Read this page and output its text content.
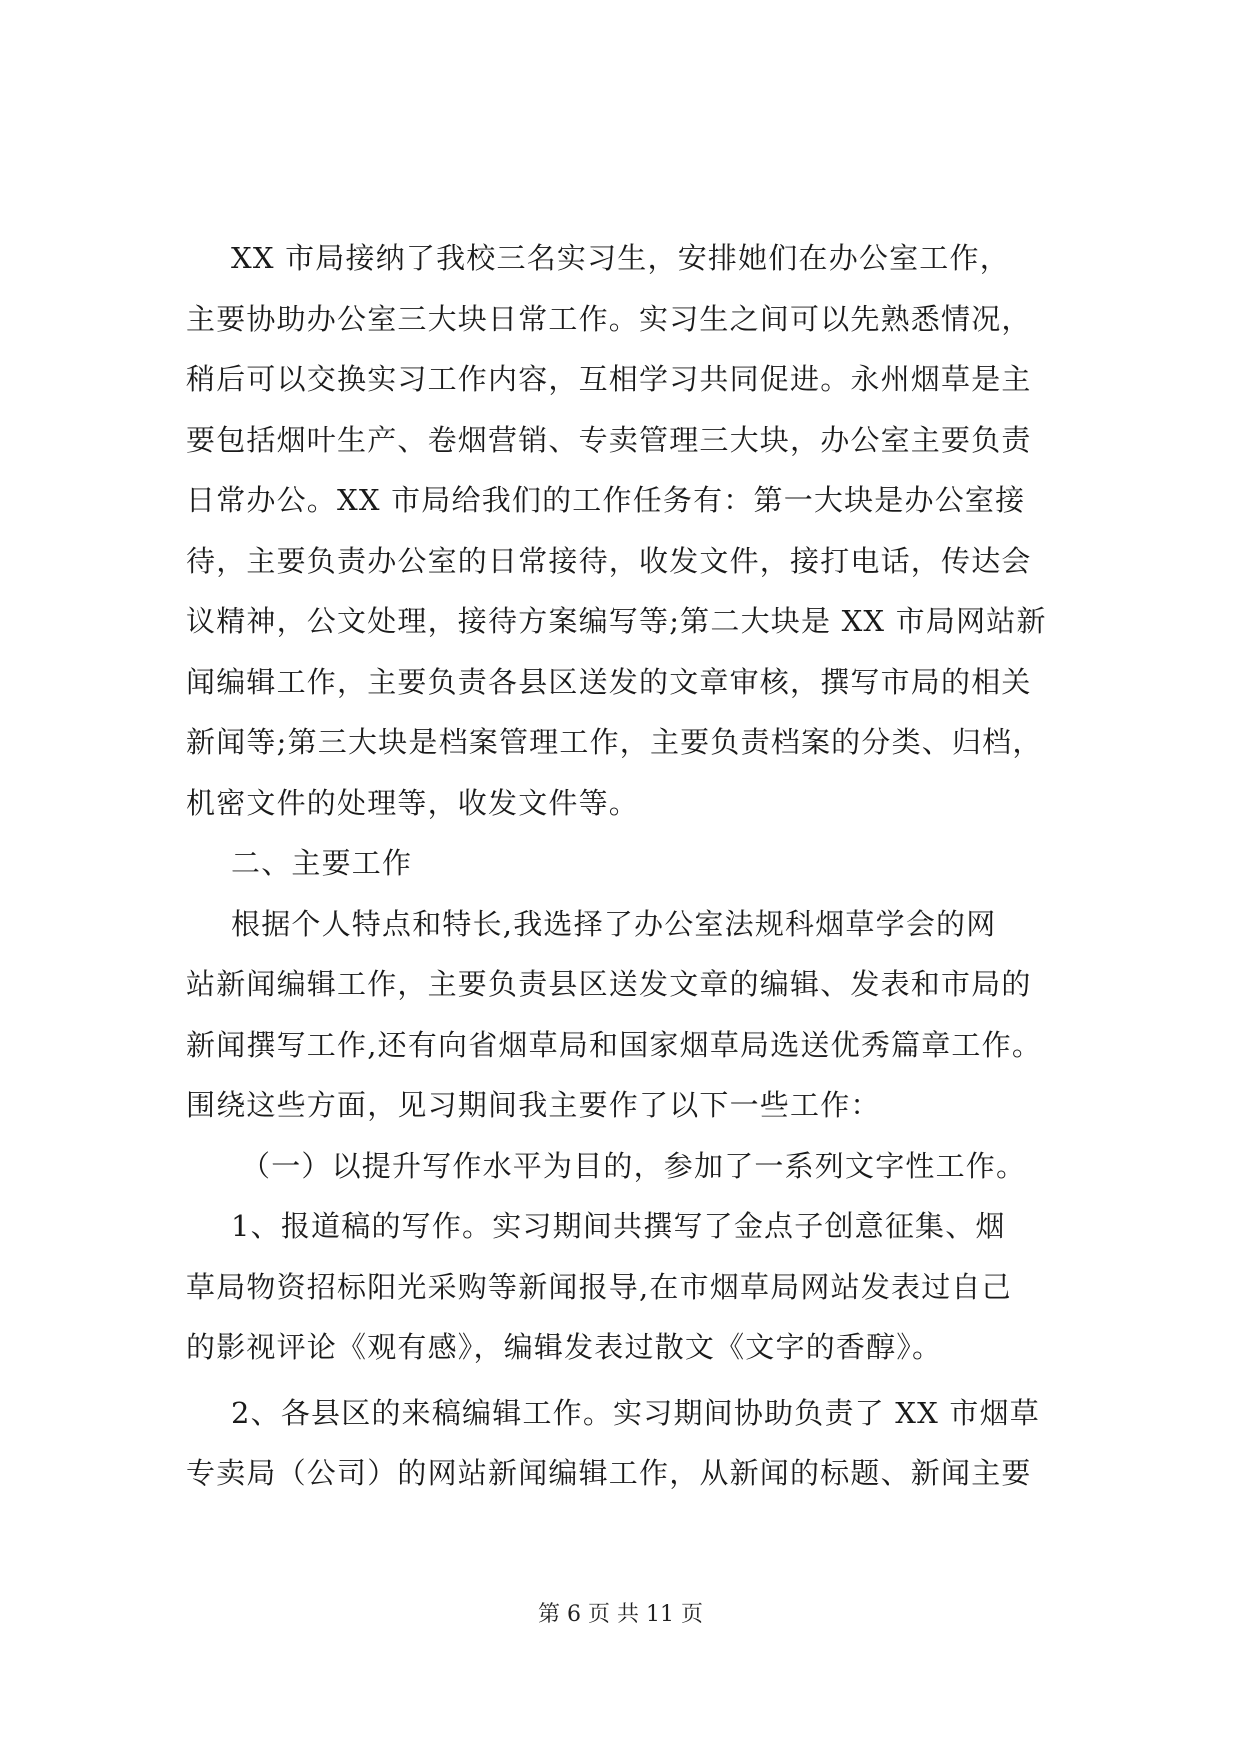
XX 市局接纳了我校三名实习生，安排她们在办公室工作，
主要协助办公室三大块日常工作。实习生之间可以先熟悉情况，
稍后可以交换实习工作内容，互相学习共同促进。永州烟草是主
要包括烟叶生产、卷烟营销、专卖管理三大块，办公室主要负责
日常办公。XX 市局给我们的工作任务有：第一大块是办公室接
待，主要负责办公室的日常接待，收发文件，接打电话，传达会
议精神，公文处理，接待方案编写等;第二大块是 XX 市局网站新
闻编辑工作，主要负责各县区送发的文章审核，撰写市局的相关
新闻等;第三大块是档案管理工作，主要负责档案的分类、归档，
机密文件的处理等，收发文件等。
二、主要工作
根据个人特点和特长,我选择了办公室法规科烟草学会的网
站新闻编辑工作，主要负责县区送发文章的编辑、发表和市局的
新闻撰写工作,还有向省烟草局和国家烟草局选送优秀篇章工作。
围绕这些方面，见习期间我主要作了以下一些工作：
（一）以提升写作水平为目的，参加了一系列文字性工作。
1、报道稿的写作。实习期间共撰写了金点子创意征集、烟
草局物资招标阳光采购等新闻报导,在市烟草局网站发表过自己
的影视评论《观有感》，编辑发表过散文《文字的香醇》。
2、各县区的来稿编辑工作。实习期间协助负责了 XX 市烟草
专卖局（公司）的网站新闻编辑工作，从新闻的标题、新闻主要
第 6 页 共 11 页
